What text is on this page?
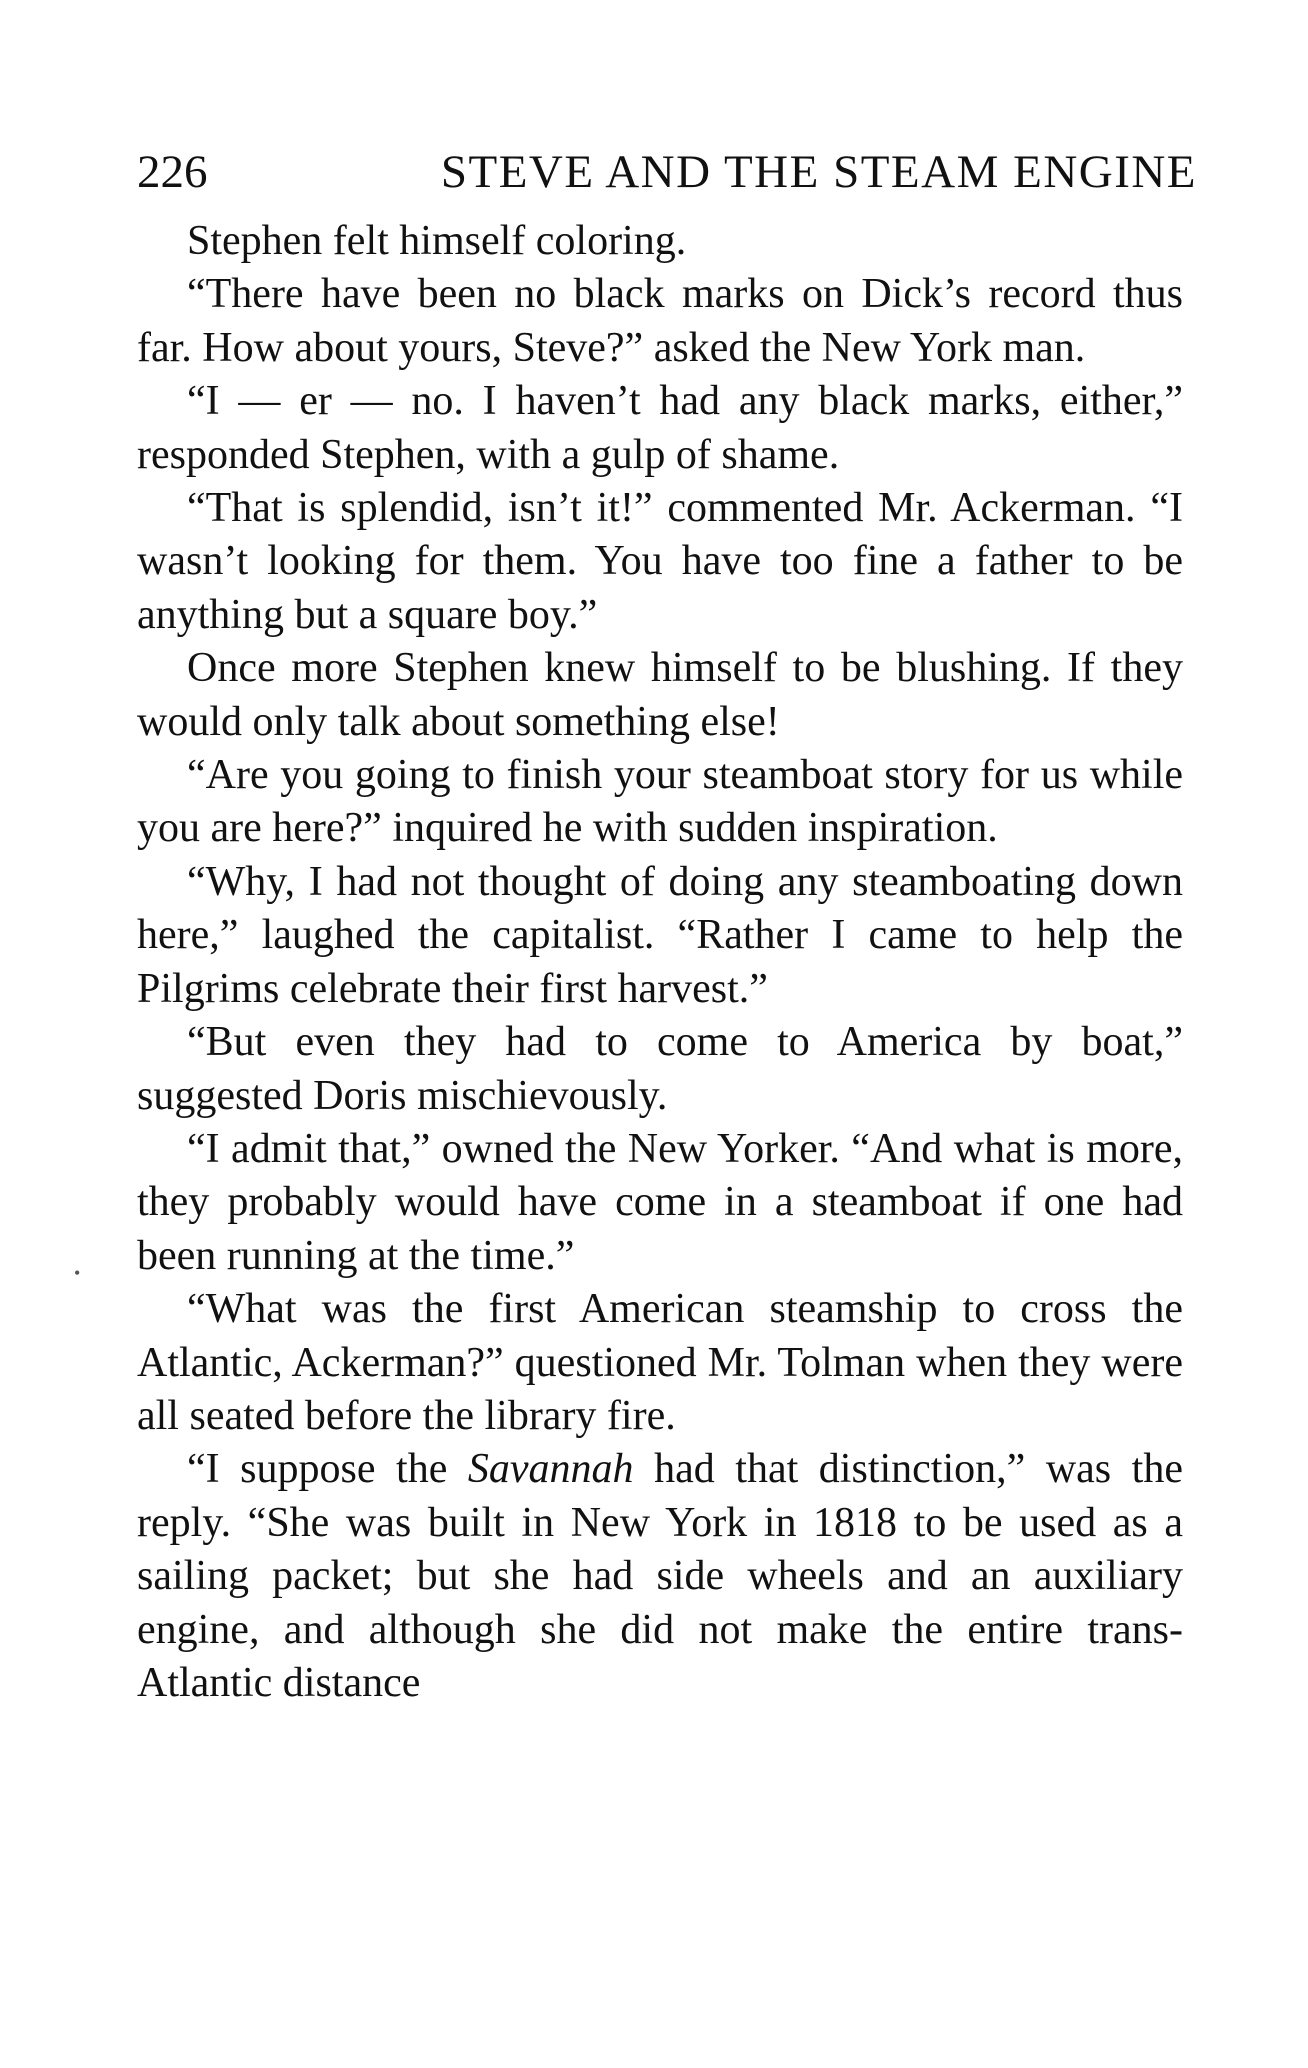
226	STEVE AND THE STEAM ENGINE

Stephen felt himself coloring.

“There have been no black marks on Dick’s record thus far. How about yours, Steve?” asked the New York man.

“I — er — no. I haven’t had any black marks, either,” responded Stephen, with a gulp of shame.

“That is splendid, isn’t it!” commented Mr. Ackerman. “I wasn’t looking for them. You have too fine a father to be anything but a square boy.”

Once more Stephen knew himself to be blushing. If they would only talk about something else!

“Are you going to finish your steamboat story for us while you are here?” inquired he with sudden inspiration.

“Why, I had not thought of doing any steamboating down here,” laughed the capitalist. “Rather I came to help the Pilgrims celebrate their first harvest.”

“But even they had to come to America by boat,” suggested Doris mischievously.

“I admit that,” owned the New Yorker. “And what is more, they probably would have come in a steamboat if one had been running at the time.”

“What was the first American steamship to cross the Atlantic, Ackerman?” questioned Mr. Tolman when they were all seated before the library fire.

“I suppose the Savannah had that distinction,” was the reply. “She was built in New York in 1818 to be used as a sailing packet; but she had side wheels and an auxiliary engine, and although she did not make the entire trans-Atlantic distance

•
